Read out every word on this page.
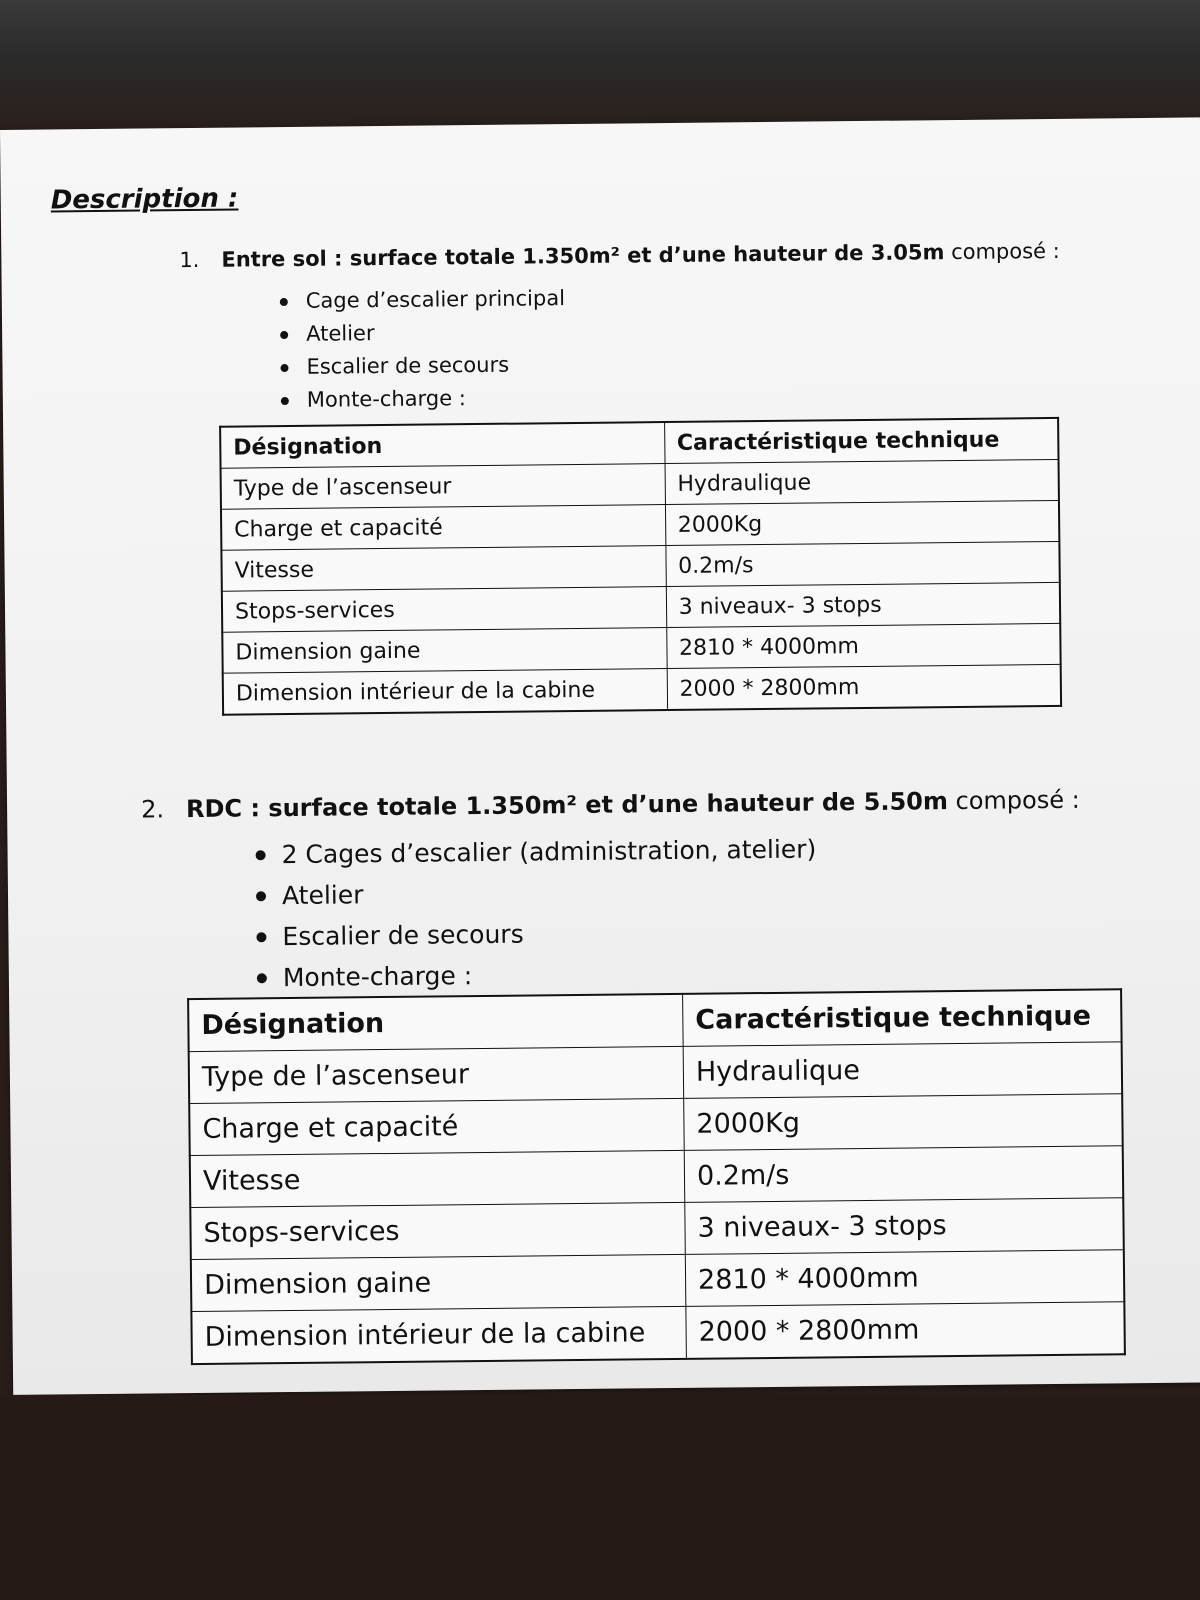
Description :
1. Entre sol : surface totale 1.350m² et d’une hauteur de 3.05m composé :
Cage d’escalier principal
Atelier
Escalier de secours
Monte-charge :
Désignation	Caractéristique technique
Type de l’ascenseur	Hydraulique
Charge et capacité	2000Kg
Vitesse	0.2m/s
Stops-services	3 niveaux- 3 stops
Dimension gaine	2810 * 4000mm
Dimension intérieur de la cabine	2000 * 2800mm
2. RDC : surface totale 1.350m² et d’une hauteur de 5.50m composé :
2 Cages d’escalier (administration, atelier)
Atelier
Escalier de secours
Monte-charge :
Désignation	Caractéristique technique
Type de l’ascenseur	Hydraulique
Charge et capacité	2000Kg
Vitesse	0.2m/s
Stops-services	3 niveaux- 3 stops
Dimension gaine	2810 * 4000mm
Dimension intérieur de la cabine	2000 * 2800mm
